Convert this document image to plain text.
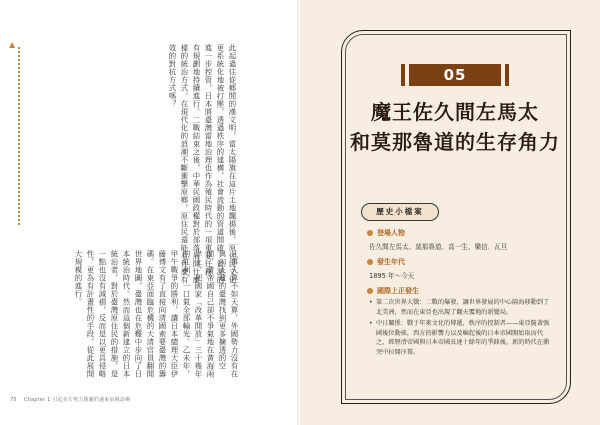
▲	此起過往從鄉間的漢文明，當太陽旗在這片土地飄揚後，原住民文化更系統化地被打壓，透過秩序的建構，社會流動的管道開啟，資源的進一步控管，日本將臺灣當地治理也作為殖民時代的一項重要任務，有規劃地持續進行。二戰結束之後，中華民國政權對於部落展開什麼樣的統治方式，在現代化的浪潮不斷衝擊原鄉，原住民還能有什麼有效的對抗方式嗎？

凡事人算不如天算，外國勢力沒有在與內天遺的臺灣找到更多擴透的空間，清帝國自己卻不爭氣地在黃海兩岸上，把國家「改革開放」三十幾年的紅利，一口氣全部輸光。乙未年，甲午戰爭的勝利，讓日本總理大臣伊藤博文有了直接向清國索要臺灣的籌碼。在東亞面臨危機的大清官員翻開世界地圖，臺灣也在危難中步向了日本統治時代。然而這個新建立的日本統治者，對於臺灣原住民的措施，是一點也沒有減損，反而是以更具侵略性，更為有計畫性的手段，從此展開大規模的進行。

75 Chapter 1 引起多方勢力覬覦的遠東前緣島嶼
05
魔王佐久間左馬太
和莫那魯道的生存角力
歷史小檔案
登場人物
佐久間左馬太、莫那魯道、高一生、樂信．瓦旦
發生年代
1895 年～今天
國際上正發生

• 第二次世界大戰：二戰的爆發，讓世界發展的中心隔海移動到了北美洲，然而在東亞也出現了翻天覆地的新變局。

• 中日關係：戰于年來文化的傳遞，秩序的控制者——東亞隨著強國後位動搖，西方的影響力以及崛起後的日本帝國開始取而代之，經歷清帝國與日本帝國長達十餘年的爭鋒後，新的時代在衝突中拉開序幕。
